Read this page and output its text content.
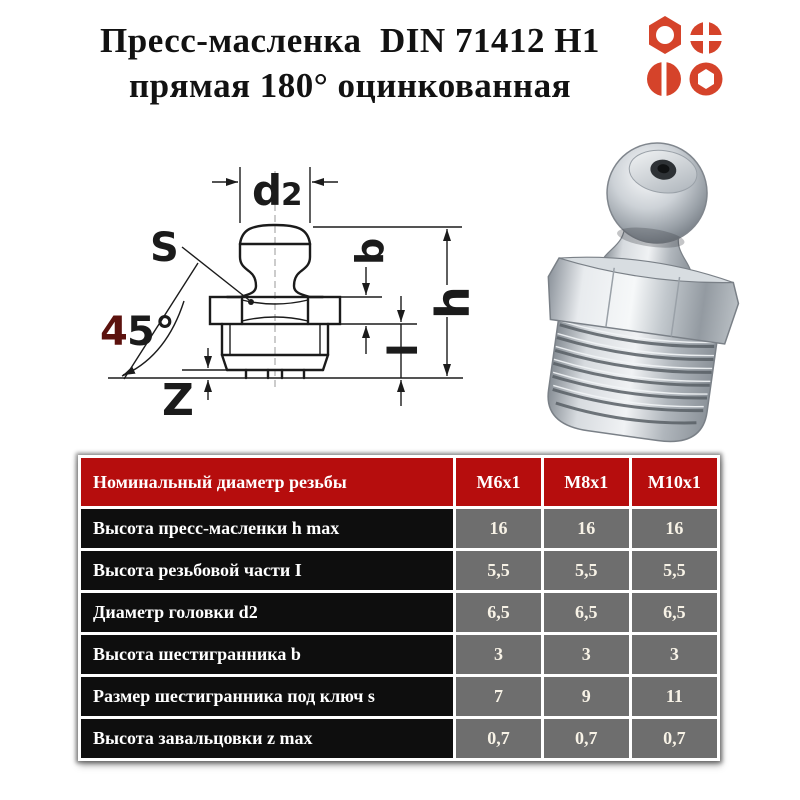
Пресс-масленка  DIN 71412 H1
прямая 180° оцинкованная
d
2
S
4 5°
b
l
h
Z
Номинальный диаметр резьбы	M6x1	M8x1	M10x1
Высота пресс-масленки h max	16	16	16
Высота резьбовой части I	5,5	5,5	5,5
Диаметр головки d2	6,5	6,5	6,5
Высота шестигранника b	3	3	3
Размер шестигранника под ключ s	7	9	11
Высота завальцовки z max	0,7	0,7	0,7
